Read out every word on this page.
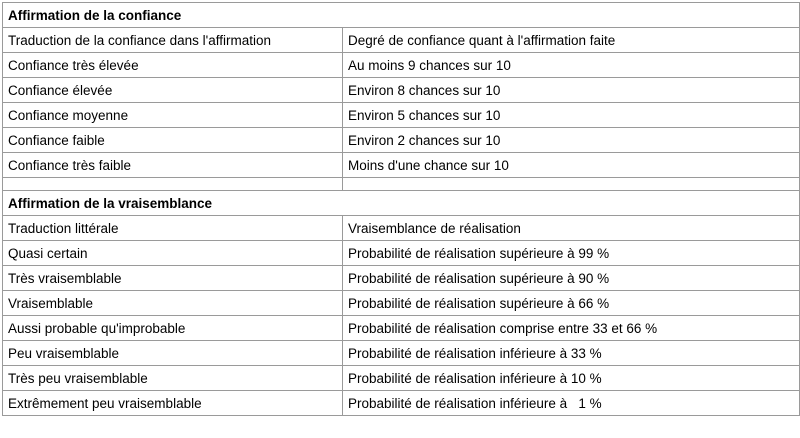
Affirmation de la confiance	
Traduction de la confiance dans l'affirmation	Degré de confiance quant à l'affirmation faite
Confiance très élevée	Au moins 9 chances sur 10
Confiance élevée	Environ 8 chances sur 10
Confiance moyenne	Environ 5 chances sur 10
Confiance faible	Environ 2 chances sur 10
Confiance très faible	Moins d'une chance sur 10

Affirmation de la vraisemblance	
Traduction littérale	Vraisemblance de réalisation
Quasi certain	Probabilité de réalisation supérieure à 99 %
Très vraisemblable	Probabilité de réalisation supérieure à 90 %
Vraisemblable	Probabilité de réalisation supérieure à 66 %
Aussi probable qu'improbable	Probabilité de réalisation comprise entre 33 et 66 %
Peu vraisemblable	Probabilité de réalisation inférieure à 33 %
Très peu vraisemblable	Probabilité de réalisation inférieure à 10 %
Extrêmement peu vraisemblable	Probabilité de réalisation inférieure à   1 %
